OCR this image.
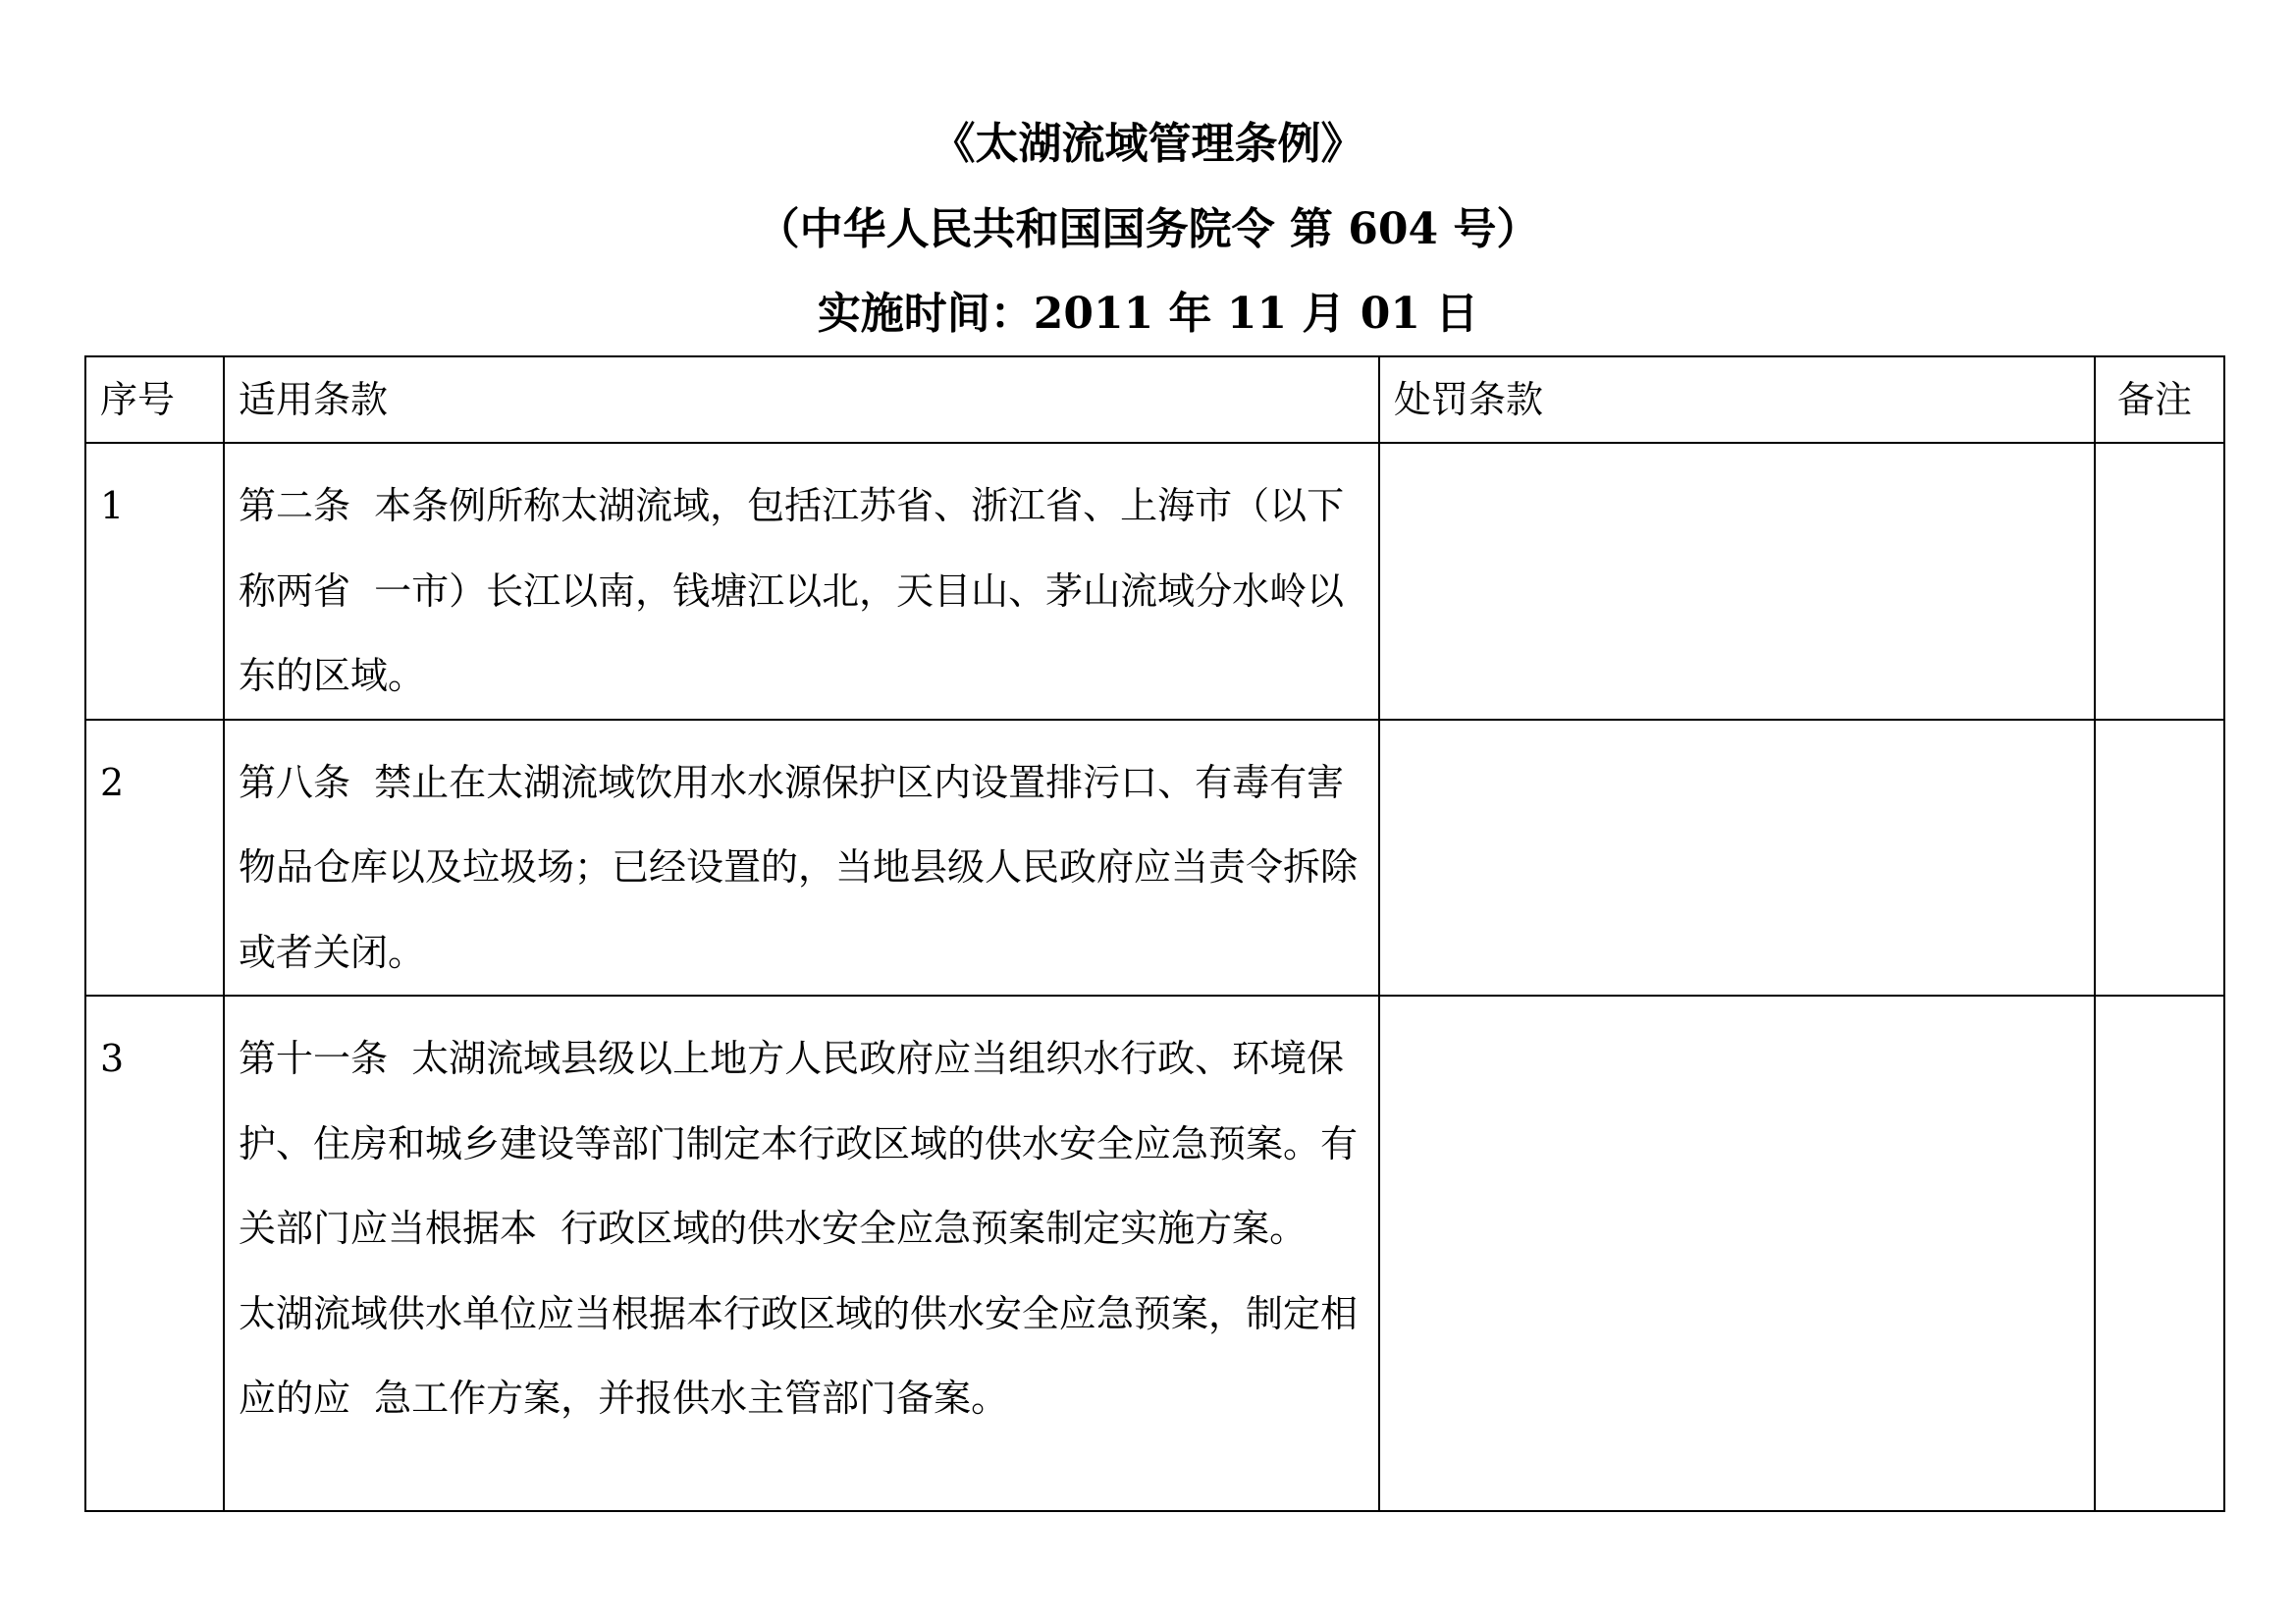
《太湖流域管理条例》
（中华人民共和国国务院令 第 604 号）
实施时间：2011 年 11 月 01 日
序号	适用条款	处罚条款	备注
1	第二条  本条例所称太湖流域，包括江苏省、浙江省、上海市（以下称两省  一市）长江以南，钱塘江以北，天目山、茅山流域分水岭以东的区域。		
2	第八条  禁止在太湖流域饮用水水源保护区内设置排污口、有毒有害物品仓库以及垃圾场；已经设置的，当地县级人民政府应当责令拆除或者关闭。		
3	第十一条  太湖流域县级以上地方人民政府应当组织水行政、环境保护、住房和城乡建设等部门制定本行政区域的供水安全应急预案。有关部门应当根据本  行政区域的供水安全应急预案制定实施方案。
太湖流域供水单位应当根据本行政区域的供水安全应急预案，制定相应的应  急工作方案，并报供水主管部门备案。		
